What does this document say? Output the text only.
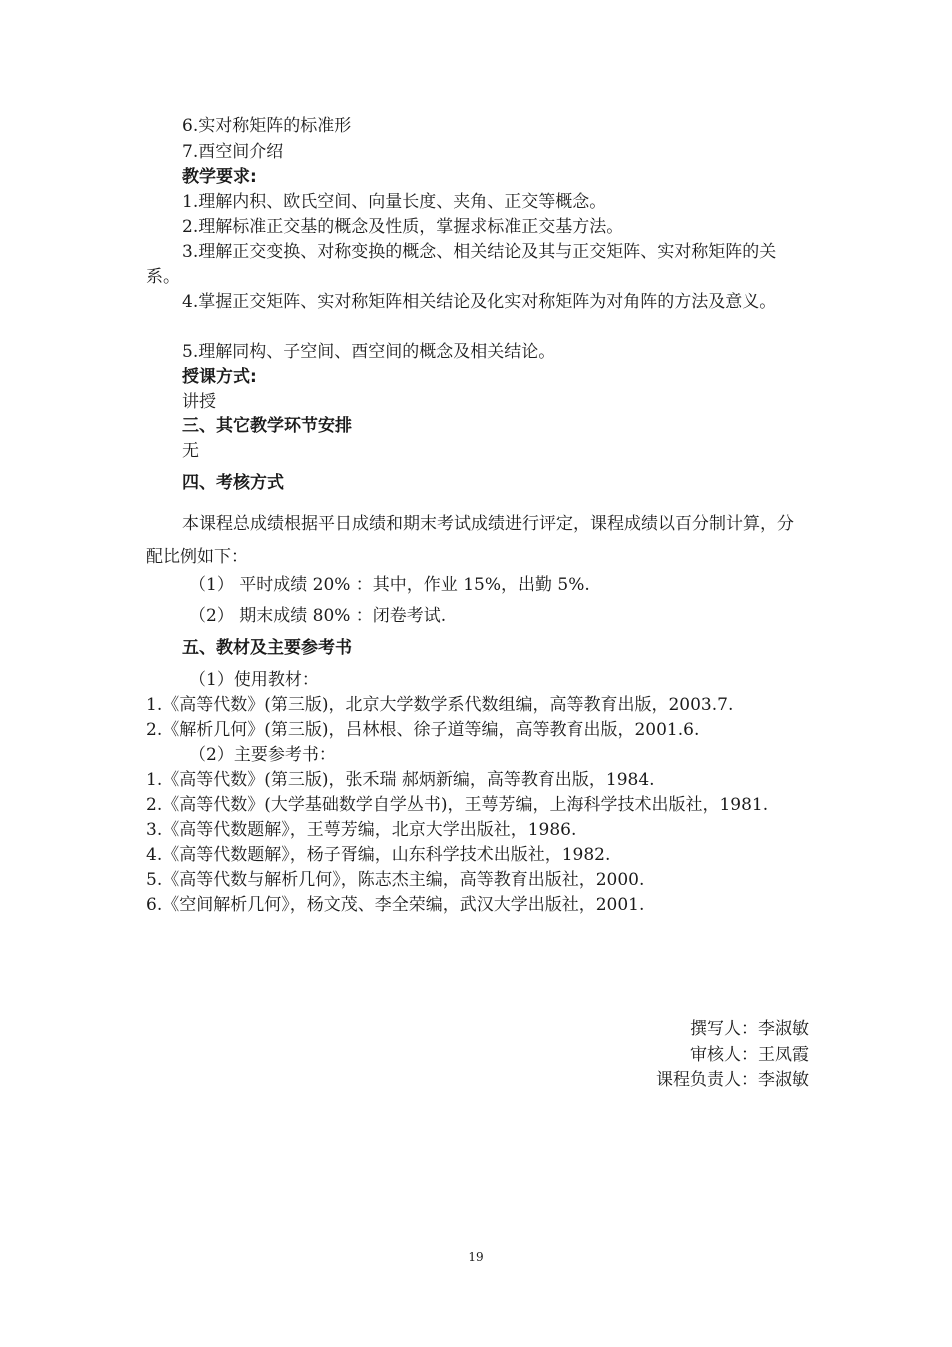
6.实对称矩阵的标准形

7.酉空间介绍

教学要求:

1.理解内积、欧氏空间、向量长度、夹角、正交等概念。

2.理解标准正交基的概念及性质，掌握求标准正交基方法。

3.理解正交变换、对称变换的概念、相关结论及其与正交矩阵、实对称矩阵的关系。

4.掌握正交矩阵、实对称矩阵相关结论及化实对称矩阵为对角阵的方法及意义。

5.理解同构、子空间、酉空间的概念及相关结论。

授课方式:

讲授

三、其它教学环节安排

无

四、考核方式

本课程总成绩根据平日成绩和期末考试成绩进行评定，课程成绩以百分制计算，分配比例如下：

（1） 平时成绩 20% ：其中，作业 15%，出勤 5%.

（2） 期末成绩 80% ：闭卷考试.

五、教材及主要参考书

（1）使用教材：

1.《高等代数》(第三版)，北京大学数学系代数组编，高等教育出版，2003.7.

2.《解析几何》(第三版)，吕林根、徐子道等编，高等教育出版，2001.6.

（2）主要参考书：

1.《高等代数》(第三版)，张禾瑞 郝炳新编，高等教育出版，1984.

2.《高等代数》(大学基础数学自学丛书)，王萼芳编，上海科学技术出版社，1981.

3.《高等代数题解》，王萼芳编，北京大学出版社，1986.

4.《高等代数题解》，杨子胥编，山东科学技术出版社，1982.

5.《高等代数与解析几何》，陈志杰主编，高等教育出版社，2000.

6.《空间解析几何》，杨文茂、李全荣编，武汉大学出版社，2001.

撰写人：李淑敏
审核人：王凤霞
课程负责人：李淑敏
19
